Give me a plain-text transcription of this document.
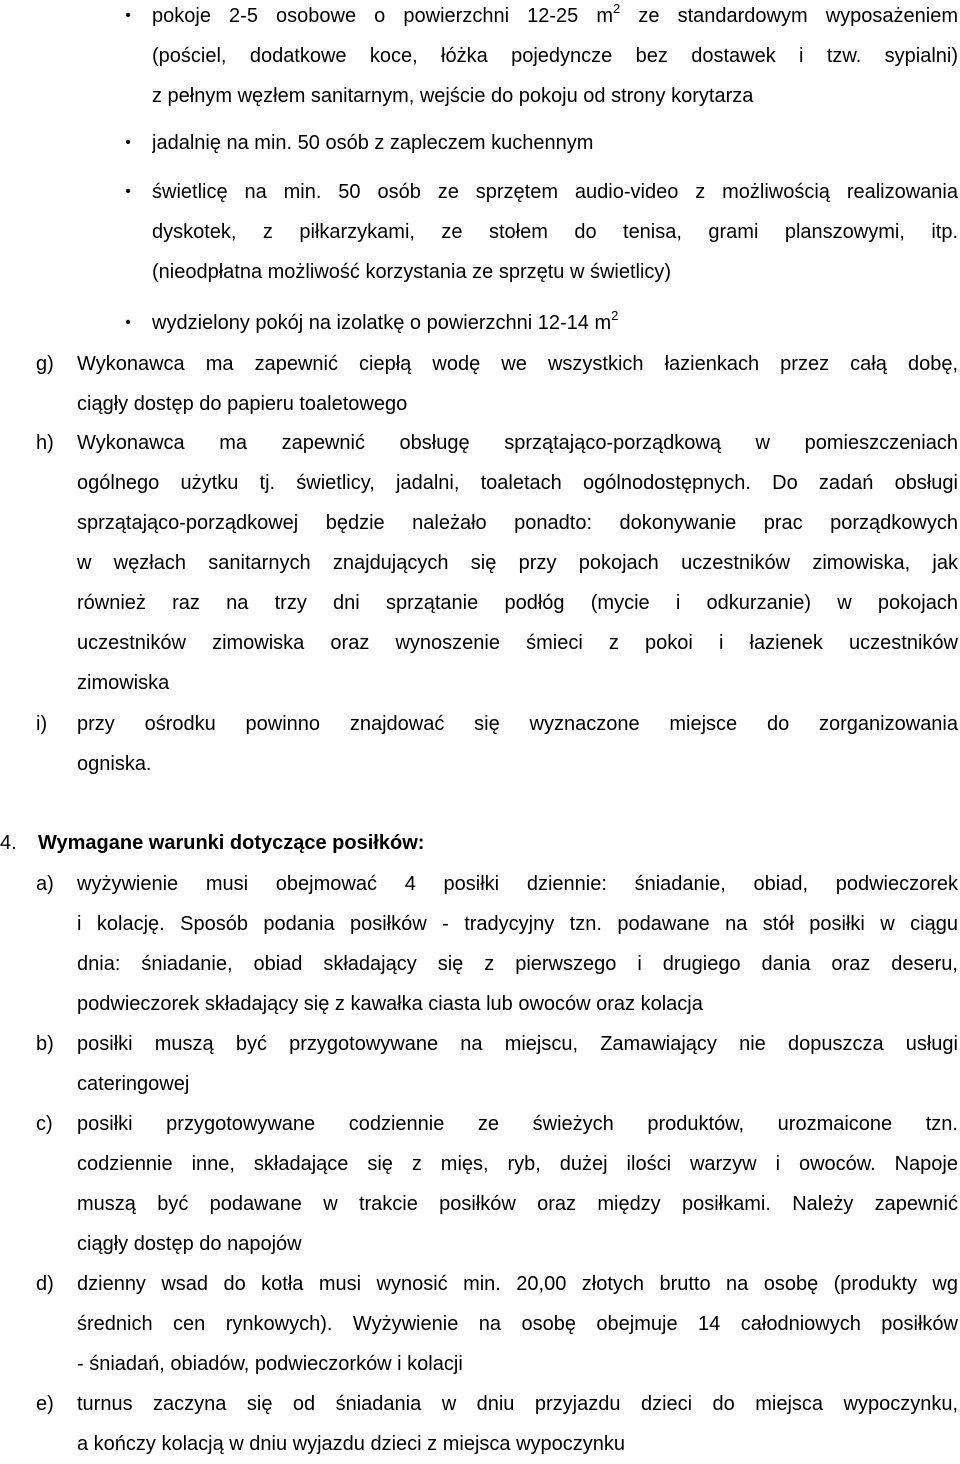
•	pokoje 2-5 osobowe o powierzchni 12-25 $m^2$ ze standardowym wyposażeniem
(pościel, dodatkowe koce, łóżka pojedyncze bez dostawek i tzw. sypialni)
z pełnym węzłem sanitarnym, wejście do pokoju od strony korytarza
•	jadalnię na min. 50 osób z zapleczem kuchennym
•	świetlicę na min. 50 osób ze sprzętem audio-video z możliwością realizowania
dyskotek, z piłkarzykami, ze stołem do tenisa, grami planszowymi, itp.
(nieodpłatna możliwość korzystania ze sprzętu w świetlicy)
•	wydzielony pokój na izolatkę o powierzchni 12-14 $m^2$
g) Wykonawca ma zapewnić ciepłą wodę we wszystkich łazienkach przez całą dobę,
ciągły dostęp do papieru toaletowego
h) Wykonawca ma zapewnić obsługę sprzątająco-porządkową w pomieszczeniach
ogólnego użytku tj. świetlicy, jadalni, toaletach ogólnodostępnych. Do zadań obsługi
sprzątająco-porządkowej będzie należało ponadto: dokonywanie prac porządkowych
w węzłach sanitarnych znajdujących się przy pokojach uczestników zimowiska, jak
również raz na trzy dni sprzątanie podłóg (mycie i odkurzanie) w pokojach
uczestników zimowiska oraz wynoszenie śmieci z pokoi i łazienek uczestników
zimowiska
i) przy ośrodku powinno znajdować się wyznaczone miejsce do zorganizowania
ogniska.
4. Wymagane warunki dotyczące posiłków:
a) wyżywienie musi obejmować 4 posiłki dziennie: śniadanie, obiad, podwieczorek
i kolację. Sposób podania posiłków - tradycyjny tzn. podawane na stół posiłki w ciągu
dnia: śniadanie, obiad składający się z pierwszego i drugiego dania oraz deseru,
podwieczorek składający się z kawałka ciasta lub owoców oraz kolacja
b) posiłki muszą być przygotowywane na miejscu, Zamawiający nie dopuszcza usługi
cateringowej
c) posiłki przygotowywane codziennie ze świeżych produktów, urozmaicone tzn.
codziennie inne, składające się z mięs, ryb, dużej ilości warzyw i owoców. Napoje
muszą być podawane w trakcie posiłków oraz między posiłkami. Należy zapewnić
ciągły dostęp do napojów
d) dzienny wsad do kotła musi wynosić min. 20,00 złotych brutto na osobę (produkty wg
średnich cen rynkowych). Wyżywienie na osobę obejmuje 14 całodniowych posiłków
- śniadań, obiadów, podwieczorków i kolacji
e) turnus zaczyna się od śniadania w dniu przyjazdu dzieci do miejsca wypoczynku,
a kończy kolacją w dniu wyjazdu dzieci z miejsca wypoczynku
